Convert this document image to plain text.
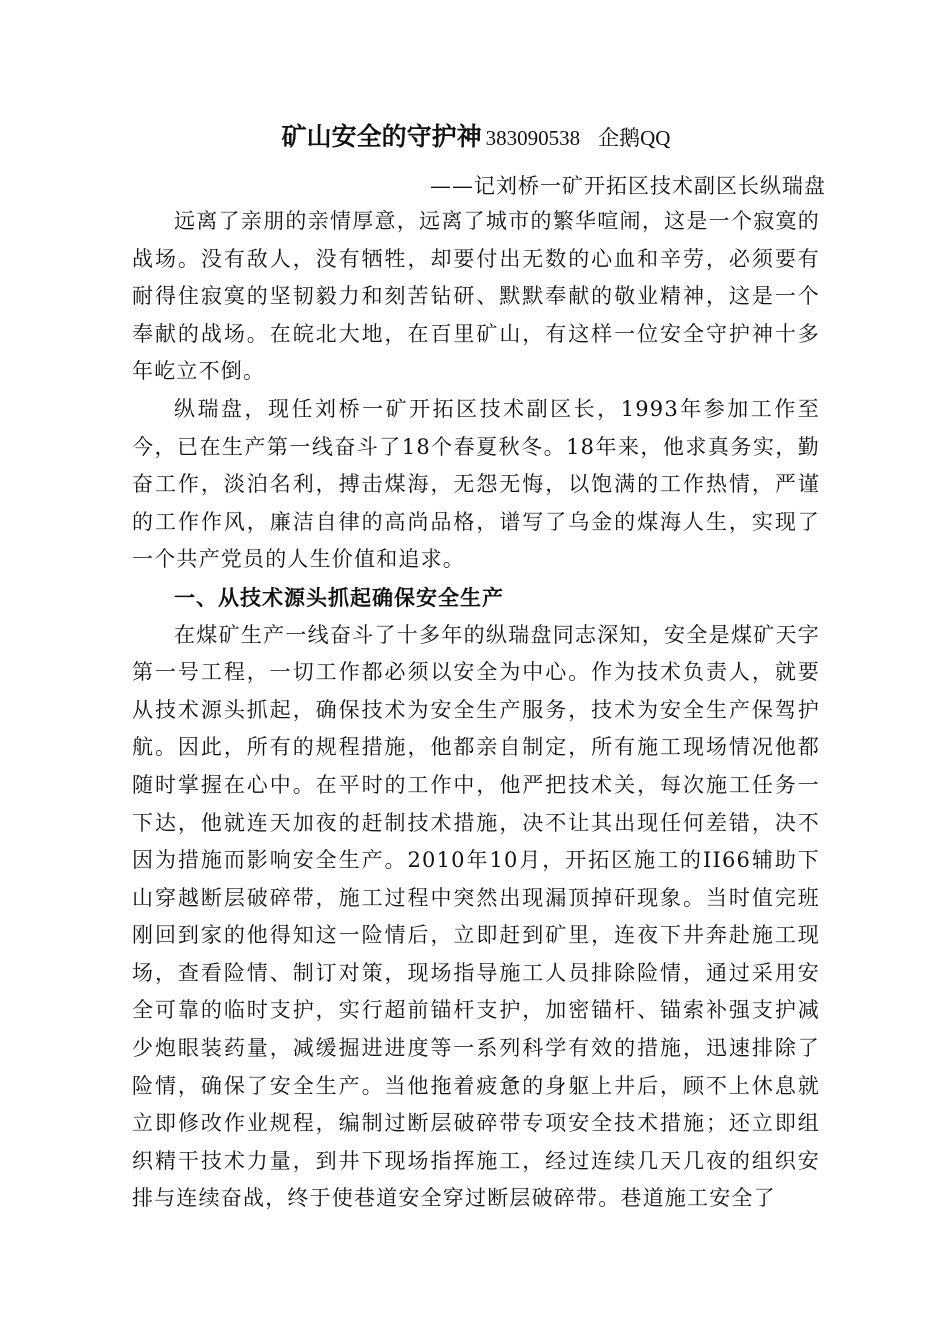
矿山安全的守护神 383090538 企鹅QQ

——记刘桥一矿开拓区技术副区长纵瑞盘

远离了亲朋的亲情厚意，远离了城市的繁华喧闹，这是一个寂寞的战场。没有敌人，没有牺牲，却要付出无数的心血和辛劳，必须要有耐得住寂寞的坚韧毅力和刻苦钻研、默默奉献的敬业精神，这是一个奉献的战场。在皖北大地，在百里矿山，有这样一位安全守护神十多年屹立不倒。

纵瑞盘，现任刘桥一矿开拓区技术副区长，1993年参加工作至今，已在生产第一线奋斗了18个春夏秋冬。18年来，他求真务实，勤奋工作，淡泊名利，搏击煤海，无怨无悔，以饱满的工作热情，严谨的工作作风，廉洁自律的高尚品格，谱写了乌金的煤海人生，实现了一个共产党员的人生价值和追求。

一、从技术源头抓起确保安全生产

在煤矿生产一线奋斗了十多年的纵瑞盘同志深知，安全是煤矿天字第一号工程，一切工作都必须以安全为中心。作为技术负责人，就要从技术源头抓起，确保技术为安全生产服务，技术为安全生产保驾护航。因此，所有的规程措施，他都亲自制定，所有施工现场情况他都随时掌握在心中。在平时的工作中，他严把技术关，每次施工任务一下达，他就连天加夜的赶制技术措施，决不让其出现任何差错，决不因为措施而影响安全生产。2010年10月，开拓区施工的II66辅助下山穿越断层破碎带，施工过程中突然出现漏顶掉矸现象。当时值完班刚回到家的他得知这一险情后，立即赶到矿里，连夜下井奔赴施工现场，查看险情、制订对策，现场指导施工人员排除险情，通过采用安全可靠的临时支护，实行超前锚杆支护，加密锚杆、锚索补强支护减少炮眼装药量，减缓掘进进度等一系列科学有效的措施，迅速排除了险情，确保了安全生产。当他拖着疲惫的身躯上井后，顾不上休息就立即修改作业规程，编制过断层破碎带专项安全技术措施；还立即组织精干技术力量，到井下现场指挥施工，经过连续几天几夜的组织安排与连续奋战，终于使巷道安全穿过断层破碎带。巷道施工安全了
